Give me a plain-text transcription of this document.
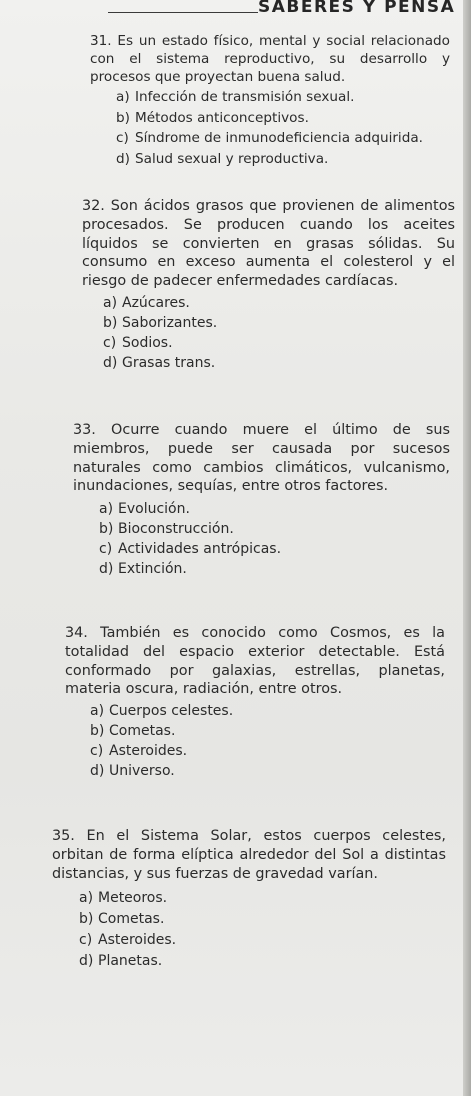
SABERES Y PENSA

31. Es un estado físico, mental y social relacionado con el sistema reproductivo, su desarrollo y procesos que proyectan buena salud.

a) Infección de transmisión sexual.
b) Métodos anticonceptivos.
c) Síndrome de inmunodeficiencia adquirida.
d) Salud sexual y reproductiva.

32. Son ácidos grasos que provienen de alimentos procesados. Se producen cuando los aceites líquidos se convierten en grasas sólidas. Su consumo en exceso aumenta el colesterol y el riesgo de padecer enfermedades cardíacas.

a) Azúcares.
b) Saborizantes.
c) Sodios.
d) Grasas trans.

33. Ocurre cuando muere el último de sus miembros, puede ser causada por sucesos naturales como cambios climáticos, vulcanismo, inundaciones, sequías, entre otros factores.

a) Evolución.
b) Bioconstrucción.
c) Actividades antrópicas.
d) Extinción.

34. También es conocido como Cosmos, es la totalidad del espacio exterior detectable. Está conformado por galaxias, estrellas, planetas, materia oscura, radiación, entre otros.

a) Cuerpos celestes.
b) Cometas.
c) Asteroides.
d) Universo.

35. En el Sistema Solar, estos cuerpos celestes, orbitan de forma elíptica alrededor del Sol a distintas distancias, y sus fuerzas de gravedad varían.

a) Meteoros.
b) Cometas.
c) Asteroides.
d) Planetas.
